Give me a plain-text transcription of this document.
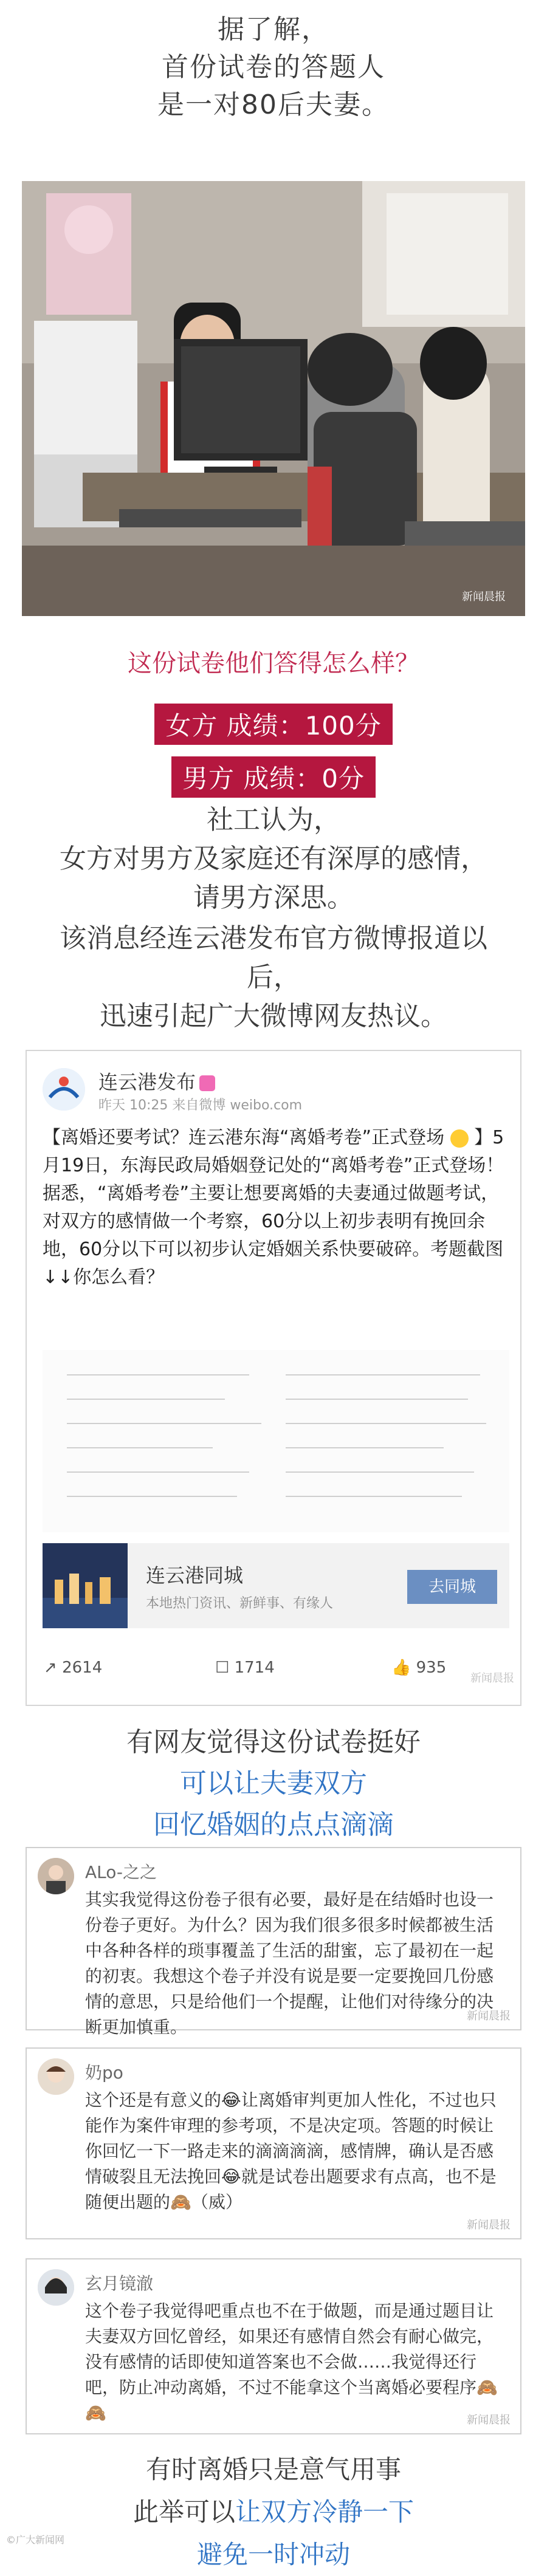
据了解，
首份试卷的答题人
是一对80后夫妻。
新闻晨报
这份试卷他们答得怎么样？
女方 成绩：100分
男方 成绩：0分
社工认为，
女方对男方及家庭还有深厚的感情，
请男方深思。
该消息经连云港发布官方微博报道以
后，
迅速引起广大微博网友热议。
连云港发布
昨天 10:25 来自微博 weibo.com
【离婚还要考试？连云港东海“离婚考卷”正式登场 】5月19日，东海民政局婚姻登记处的“离婚考卷”正式登场！据悉，“离婚考卷”主要让想要离婚的夫妻通过做题考试，对双方的感情做一个考察，60分以上初步表明有挽回余地，60分以下可以初步认定婚姻关系快要破碎。考题截图↓↓你怎么看？
连云港同城
本地热门资讯、新鲜事、有缘人
去同城
↗ 2614	☐ 1714	👍 935
新闻晨报
有网友觉得这份试卷挺好
可以让夫妻双方
回忆婚姻的点点滴滴
ALo-之之
其实我觉得这份卷子很有必要，最好是在结婚时也设一份卷子更好。为什么？因为我们很多很多时候都被生活中各种各样的琐事覆盖了生活的甜蜜，忘了最初在一起的初衷。我想这个卷子并没有说是要一定要挽回几份感情的意思，只是给他们一个提醒，让他们对待缘分的决断更加慎重。
新闻晨报
奶po
这个还是有意义的😂让离婚审判更加人性化，不过也只能作为案件审理的参考项，不是决定项。答题的时候让你回忆一下一路走来的滴滴滴滴，感情牌，确认是否感情破裂且无法挽回😂就是试卷出题要求有点高，也不是随便出题的🙈（威）
新闻晨报
玄月镜澈
这个卷子我觉得吧重点也不在于做题，而是通过题目让夫妻双方回忆曾经，如果还有感情自然会有耐心做完，没有感情的话即使知道答案也不会做……我觉得还行吧，防止冲动离婚，不过不能拿这个当离婚必要程序🙈🙈	新闻晨报
有时离婚只是意气用事
此举可以让双方冷静一下
避免一时冲动
©广大新闻网
